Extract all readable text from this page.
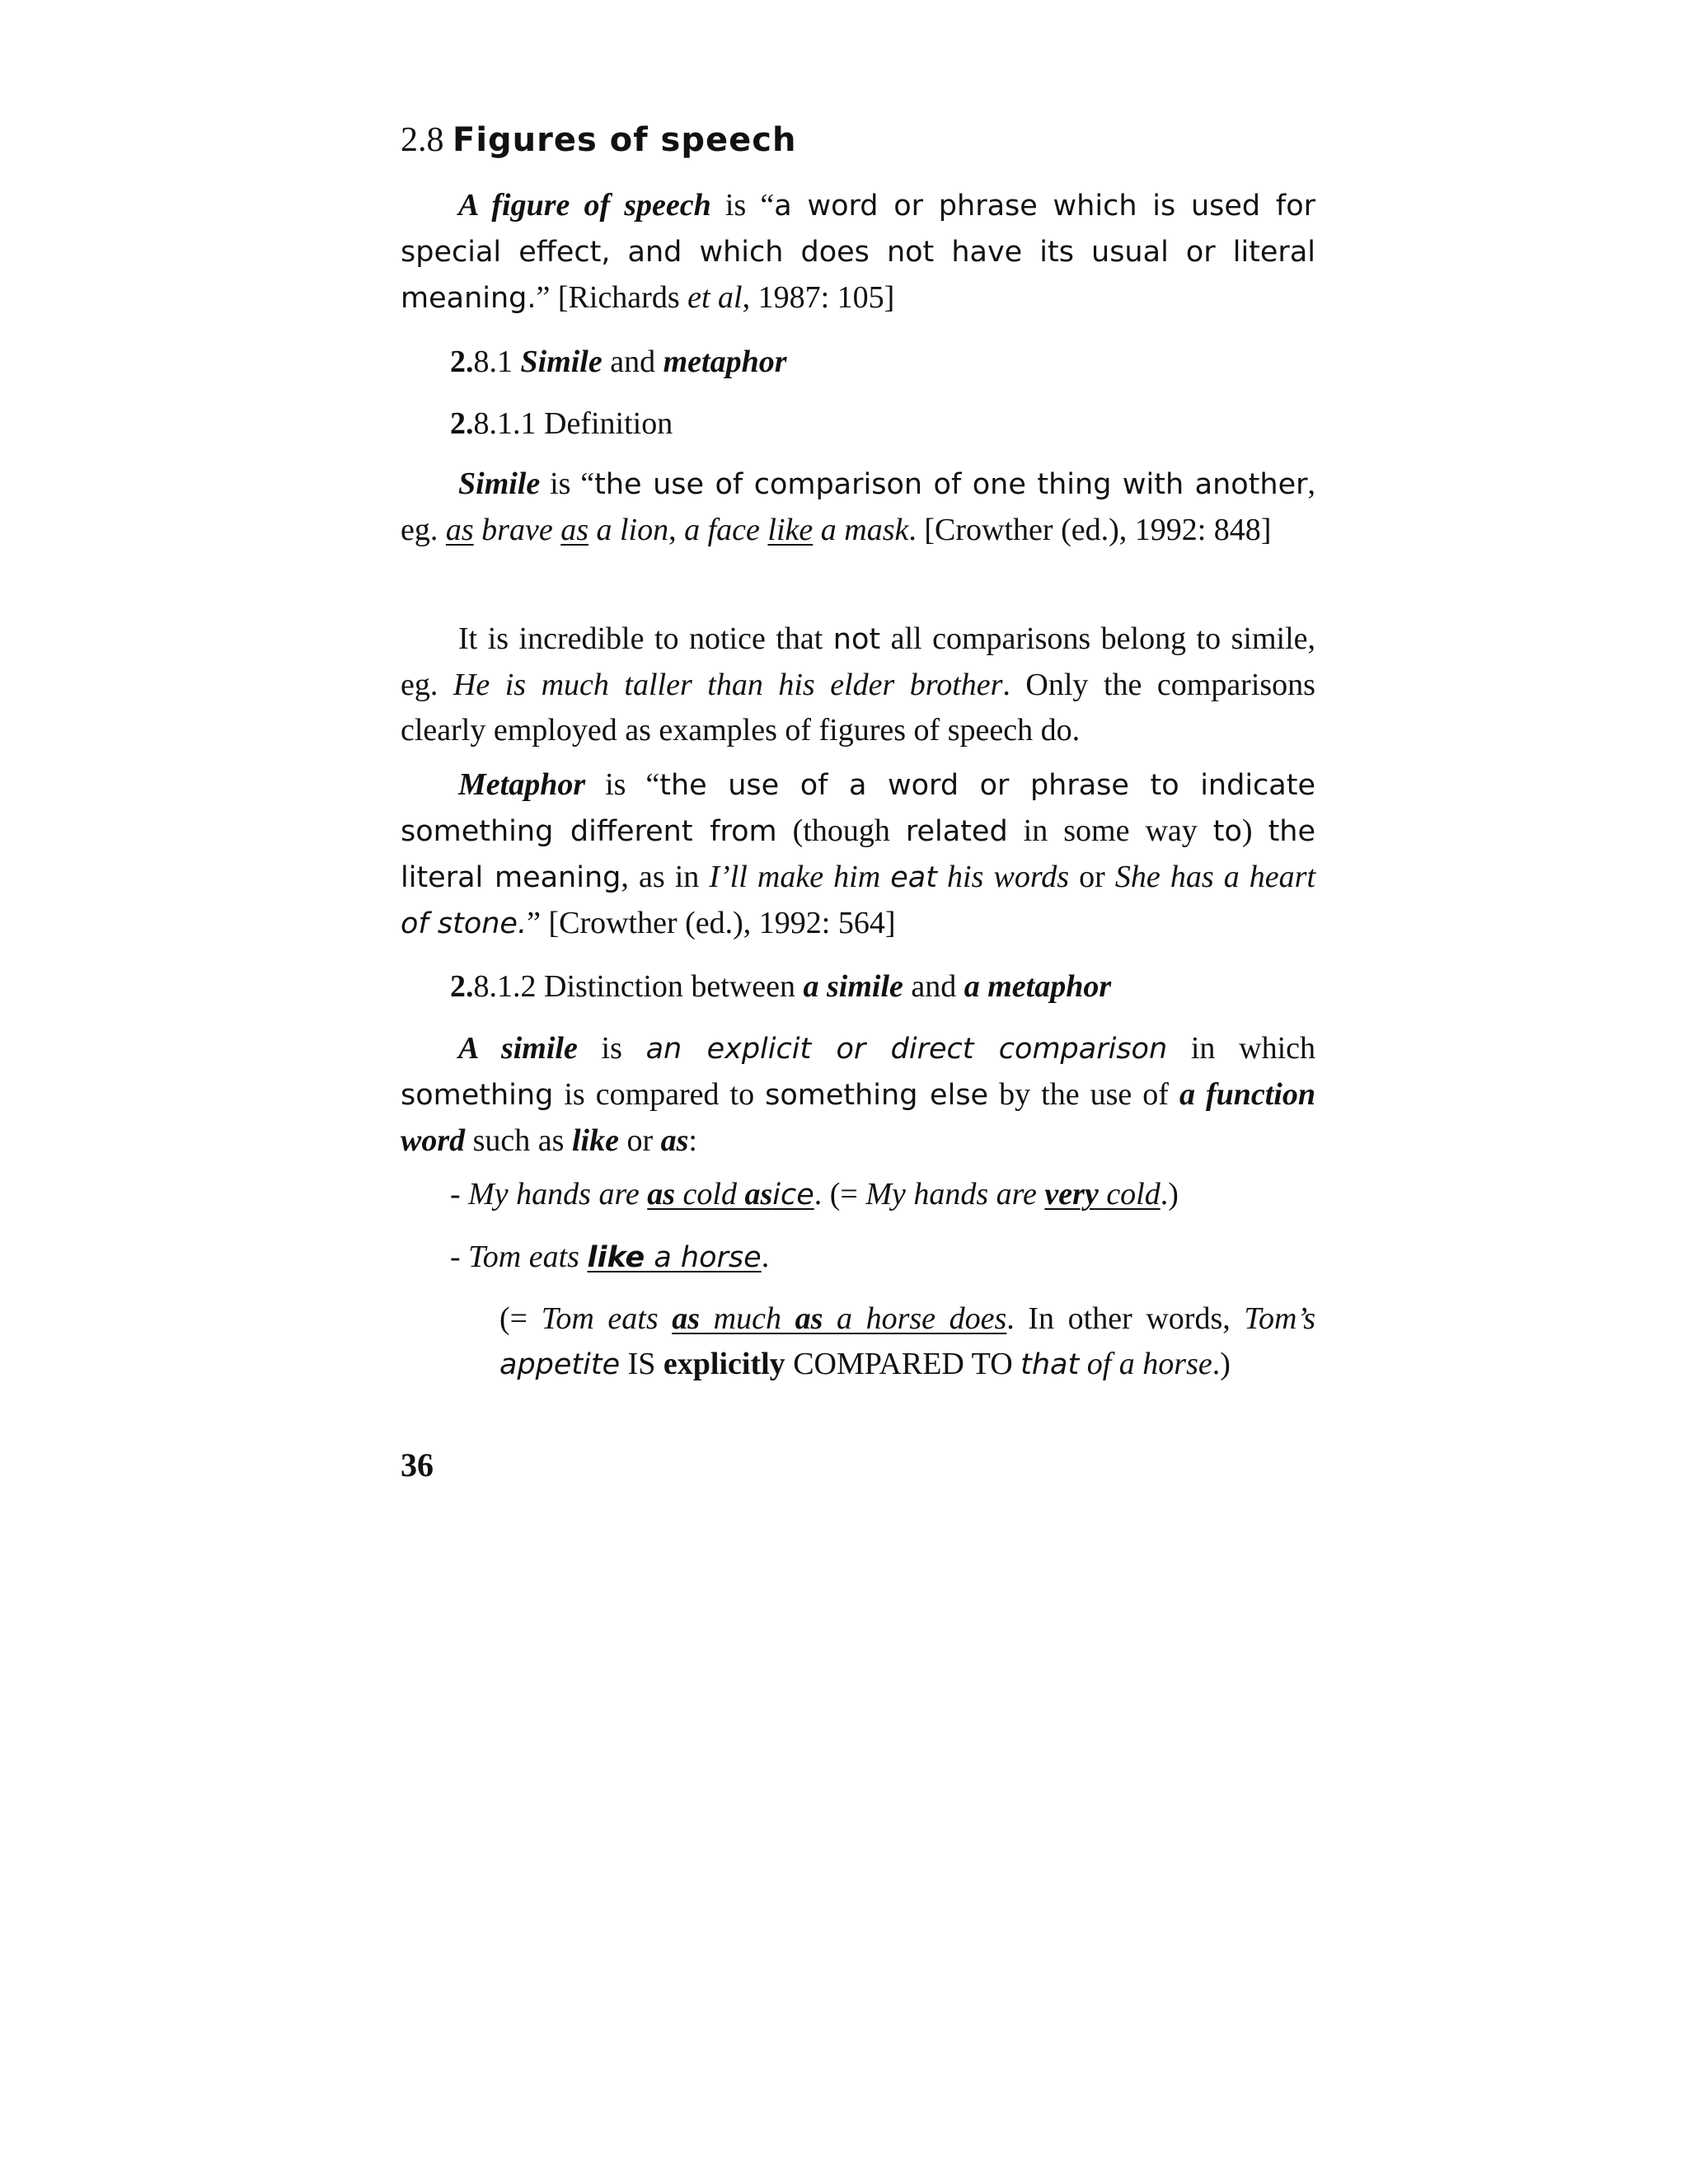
2.8 Figures of speech
A figure of speech is “a word or phrase which is used for special effect, and which does not have its usual or literal meaning.” [Richards et al, 1987: 105]
2.8.1 Simile and metaphor
2.8.1.1 Definition
Simile is “the use of comparison of one thing with another, eg. as brave as a lion, a face like a mask. [Crowther (ed.), 1992: 848]
It is incredible to notice that not all comparisons belong to simile, eg. He is much taller than his elder brother. Only the comparisons clearly employed as examples of figures of speech do.
Metaphor is “the use of a word or phrase to indicate something different from (though related in some way to) the literal meaning, as in I’ll make him eat his words or She has a heart of stone.” [Crowther (ed.), 1992: 564]
2.8.1.2 Distinction between a simile and a metaphor
A simile is an explicit or direct comparison in which something is compared to something else by the use of a function word such as like or as:
- My hands are as cold asice. (= My hands are very cold.)
- Tom eats like a horse.
(= Tom eats as much as a horse does. In other words, Tom’s appetite IS explicitly COMPARED TO that of a horse.)
36
